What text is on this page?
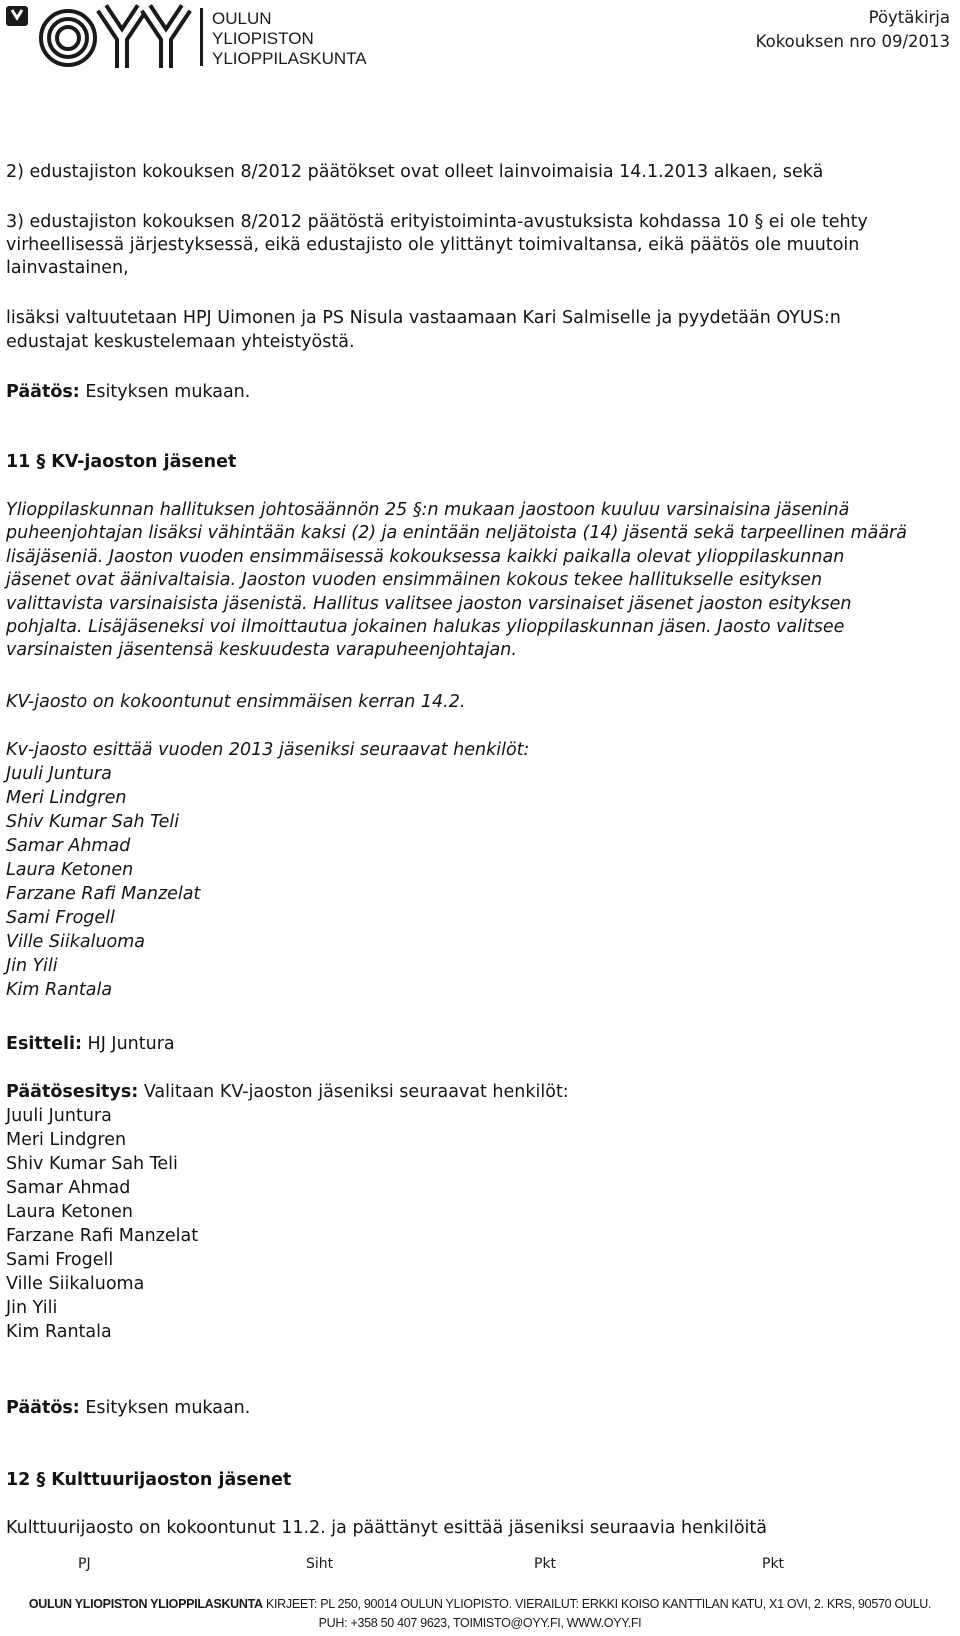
OULUN
YLIOPISTON
YLIOPPILASKUNTA
Pöytäkirja
Kokouksen nro 09/2013
2) edustajiston kokouksen 8/2012 päätökset ovat olleet lainvoimaisia 14.1.2013 alkaen, sekä
3) edustajiston kokouksen 8/2012 päätöstä erityistoiminta-avustuksista kohdassa 10 § ei ole tehty
virheellisessä järjestyksessä, eikä edustajisto ole ylittänyt toimivaltansa, eikä päätös ole muutoin
lainvastainen,
lisäksi valtuutetaan HPJ Uimonen ja PS Nisula vastaamaan Kari Salmiselle ja pyydetään OYUS:n
edustajat keskustelemaan yhteistyöstä.
Päätös: Esityksen mukaan.
11 § KV-jaoston jäsenet
Ylioppilaskunnan hallituksen johtosäännön 25 §:n mukaan jaostoon kuuluu varsinaisina jäseninä
puheenjohtajan lisäksi vähintään kaksi (2) ja enintään neljätoista (14) jäsentä sekä tarpeellinen määrä
lisäjäseniä. Jaoston vuoden ensimmäisessä kokouksessa kaikki paikalla olevat ylioppilaskunnan
jäsenet ovat äänivaltaisia. Jaoston vuoden ensimmäinen kokous tekee hallitukselle esityksen
valittavista varsinaisista jäsenistä. Hallitus valitsee jaoston varsinaiset jäsenet jaoston esityksen
pohjalta. Lisäjäseneksi voi ilmoittautua jokainen halukas ylioppilaskunnan jäsen. Jaosto valitsee
varsinaisten jäsentensä keskuudesta varapuheenjohtajan.
KV-jaosto on kokoontunut ensimmäisen kerran 14.2.
Kv-jaosto esittää vuoden 2013 jäseniksi seuraavat henkilöt:
Juuli Juntura
Meri Lindgren
Shiv Kumar Sah Teli
Samar Ahmad
Laura Ketonen
Farzane Rafi Manzelat
Sami Frogell
Ville Siikaluoma
Jin Yili
Kim Rantala
Esitteli: HJ Juntura
Päätösesitys: Valitaan KV-jaoston jäseniksi seuraavat henkilöt:
Juuli Juntura
Meri Lindgren
Shiv Kumar Sah Teli
Samar Ahmad
Laura Ketonen
Farzane Rafi Manzelat
Sami Frogell
Ville Siikaluoma
Jin Yili
Kim Rantala
Päätös: Esityksen mukaan.
12 § Kulttuurijaoston jäsenet
Kulttuurijaosto on kokoontunut 11.2. ja päättänyt esittää jäseniksi seuraavia henkilöitä
PJ	Siht	Pkt	Pkt
OULUN YLIOPISTON YLIOPPILASKUNTA KIRJEET: PL 250, 90014 OULUN YLIOPISTO. VIERAILUT: ERKKI KOISO KANTTILAN KATU, X1 OVI, 2. KRS, 90570 OULU.
PUH: +358 50 407 9623, TOIMISTO@OYY.FI, WWW.OYY.FI
